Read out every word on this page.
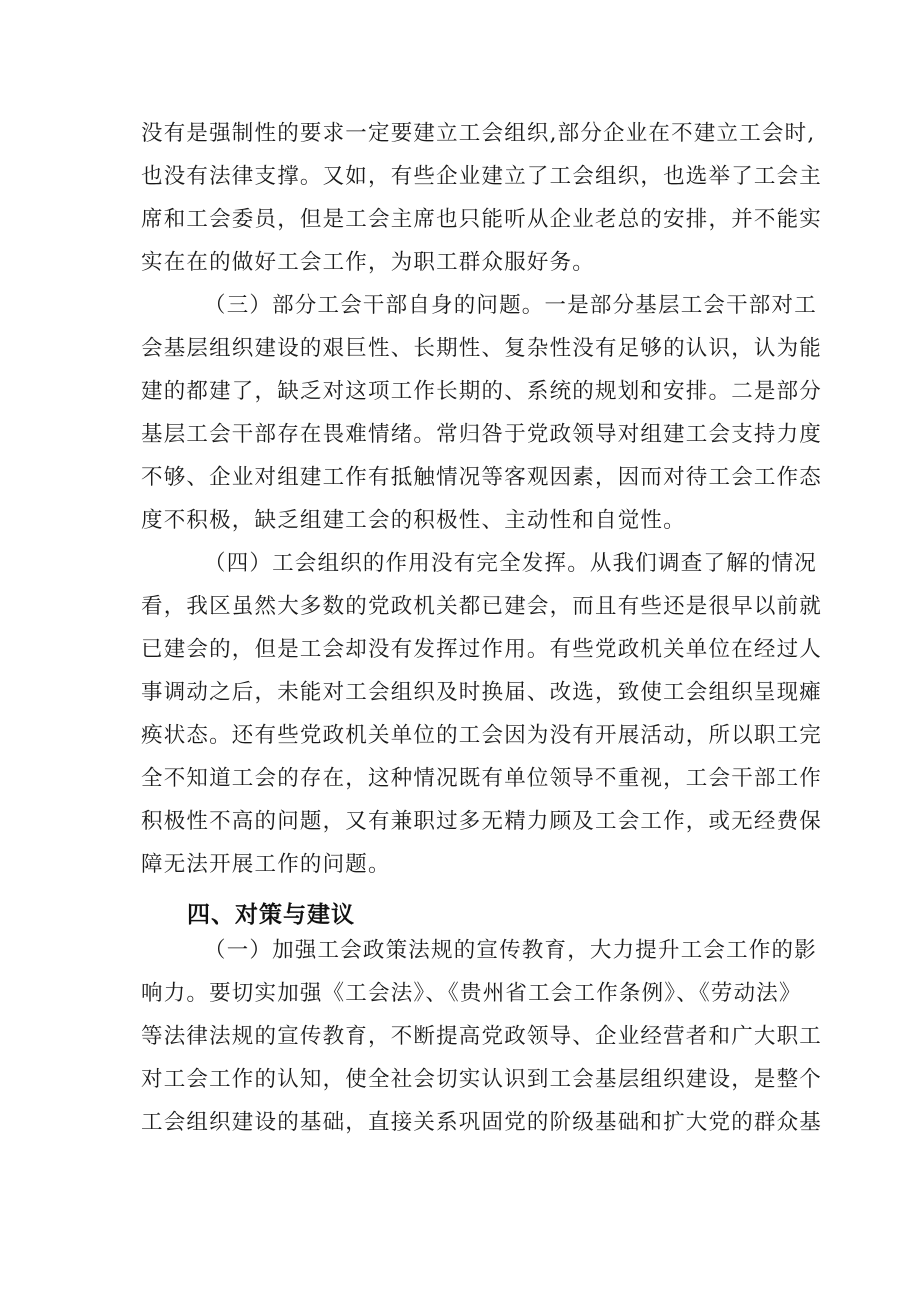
没有是强制性的要求一定要建立工会组织,部分企业在不建立工会时,
也没有法律支撑。又如，有些企业建立了工会组织，也选举了工会主
席和工会委员，但是工会主席也只能听从企业老总的安排，并不能实
实在在的做好工会工作，为职工群众服好务。
（三）部分工会干部自身的问题。一是部分基层工会干部对工
会基层组织建设的艰巨性、长期性、复杂性没有足够的认识，认为能
建的都建了，缺乏对这项工作长期的、系统的规划和安排。二是部分
基层工会干部存在畏难情绪。常归咎于党政领导对组建工会支持力度
不够、企业对组建工作有抵触情况等客观因素，因而对待工会工作态
度不积极，缺乏组建工会的积极性、主动性和自觉性。
（四）工会组织的作用没有完全发挥。从我们调查了解的情况
看，我区虽然大多数的党政机关都已建会，而且有些还是很早以前就
已建会的，但是工会却没有发挥过作用。有些党政机关单位在经过人
事调动之后，未能对工会组织及时换届、改选，致使工会组织呈现瘫
痪状态。还有些党政机关单位的工会因为没有开展活动，所以职工完
全不知道工会的存在，这种情况既有单位领导不重视，工会干部工作
积极性不高的问题，又有兼职过多无精力顾及工会工作，或无经费保
障无法开展工作的问题。
四、对策与建议
（一）加强工会政策法规的宣传教育，大力提升工会工作的影
响力。要切实加强《工会法》、《贵州省工会工作条例》、《劳动法》
等法律法规的宣传教育，不断提高党政领导、企业经营者和广大职工
对工会工作的认知，使全社会切实认识到工会基层组织建设，是整个
工会组织建设的基础，直接关系巩固党的阶级基础和扩大党的群众基
